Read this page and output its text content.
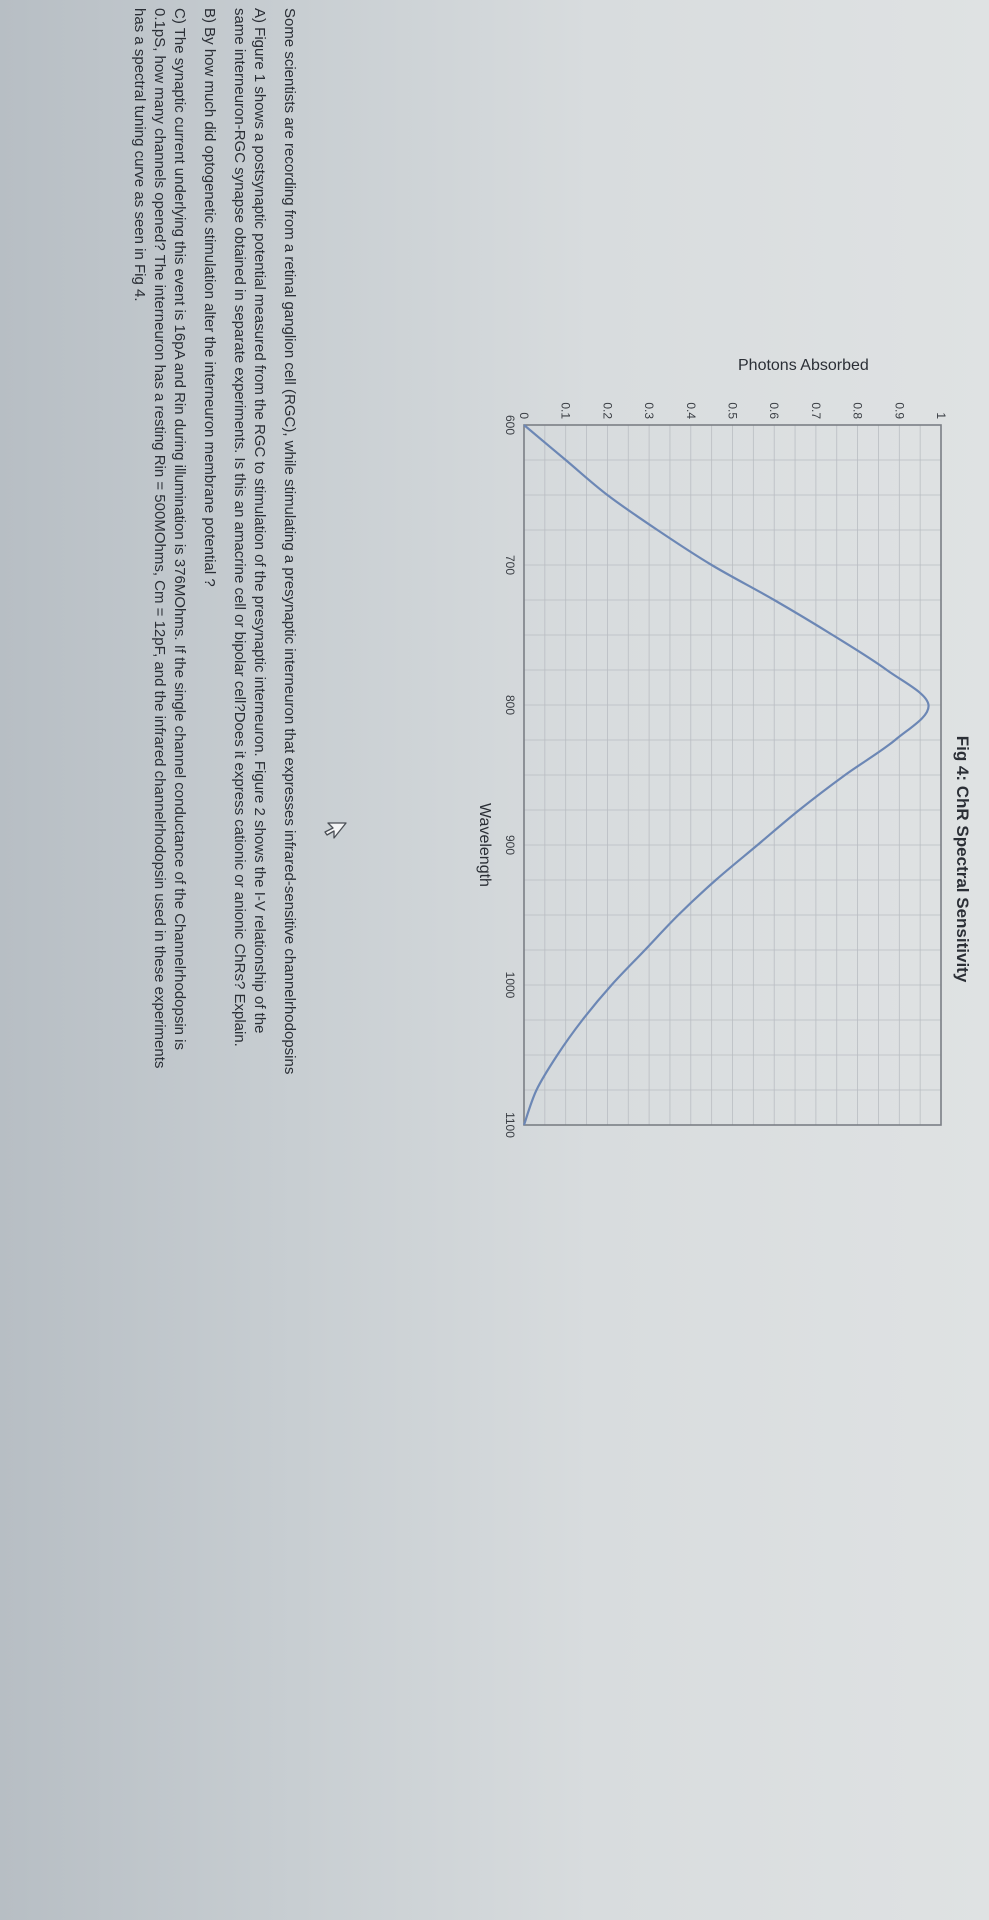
0 0.1 0.2 0.3 0.4 0.5 0.6 0.7 0.8 0.9 1
600
700
800
900
1000
1100
Fig 4: ChR Spectral Sensitivity
Wavelength
Photons Absorbed

Some scientists are recording from a retinal ganglion cell (RGC), while stimulating a presynaptic interneuron that expresses infrared-sensitive channelrhodopsins

A) Figure 1 shows a postsynaptic potential measured from the RGC to stimulation of the presynaptic interneuron. Figure 2 shows the I-V relationship of the

same interneuron-RGC synapse obtained in separate experiments. Is this an amacrine cell or bipolar cell?Does it express cationic or anionic ChRs? Explain.

B) By how much did optogenetic stimulation alter the interneuron membrane potential ?

C) The synaptic current underlying this event is 16pA and Rin during illumination is 376MOhms. If the single channel conductance of the Channelrhodopsin is

0.1pS, how many channels opened? The interneuron has a resting Rin = 500MOhms, Cm = 12pF, and the infrared channelrhodopsin used in these experiments

has a spectral tuning curve as seen in Fig 4.
